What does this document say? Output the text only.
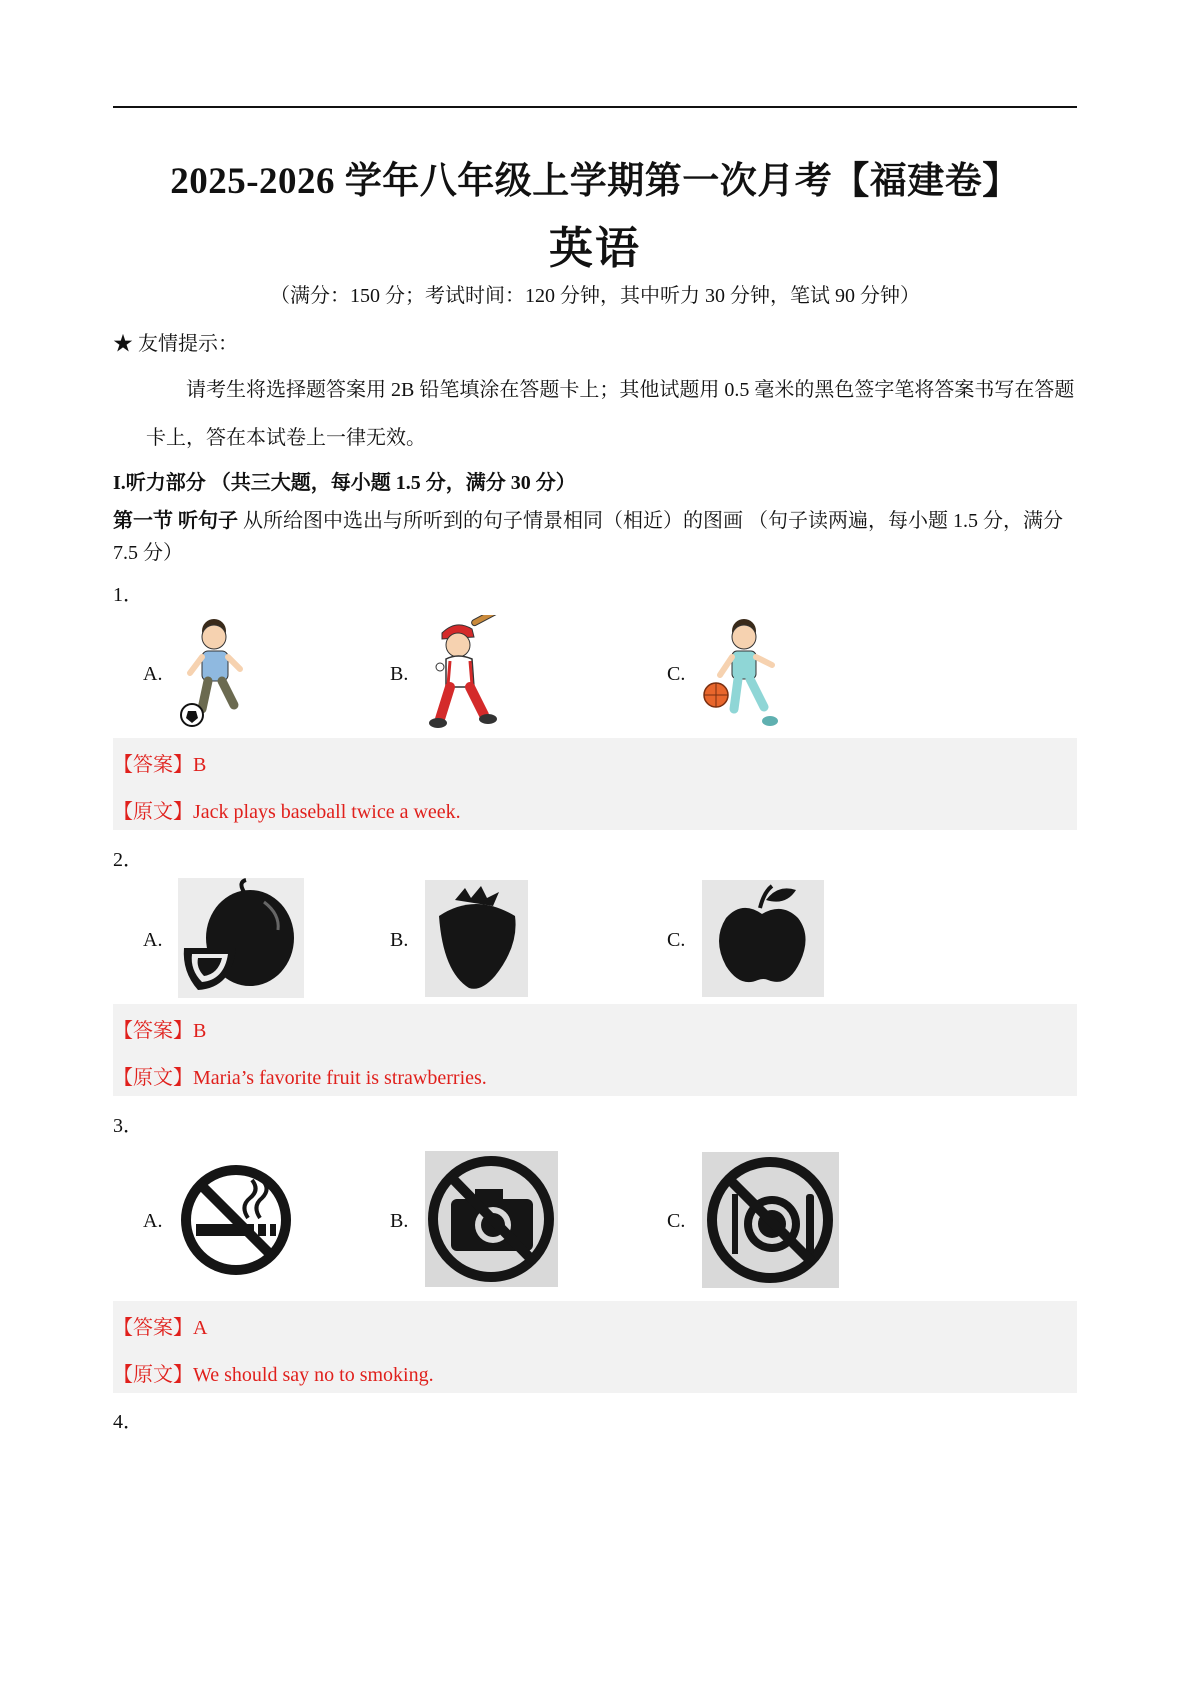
2025-2026 学年八年级上学期第一次月考【福建卷】
英语
（满分：150 分；考试时间：120 分钟，其中听力 30 分钟，笔试 90 分钟）
★ 友情提示：
请考生将选择题答案用 2B 铅笔填涂在答题卡上；其他试题用 0.5 毫米的黑色签字笔将答案书写在答题
卡上，答在本试卷上一律无效。
I.听力部分 （共三大题，每小题 1.5 分，满分 30 分）
第一节 听句子 从所给图中选出与所听到的句子情景相同（相近）的图画 （句子读两遍，每小题 1.5 分，满分 7.5 分）
1．
A.	B.	C.
【答案】B
【原文】Jack plays baseball twice a week.
2．
A.	B.	C.
【答案】B
【原文】Maria’s favorite fruit is strawberries.
3．
A.	B.	C.
【答案】A
【原文】We should say no to smoking.
4．
